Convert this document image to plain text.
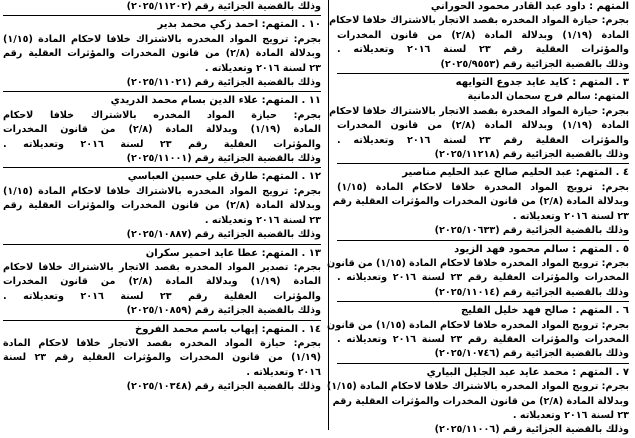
المتهم : داود عبد القادر محمود الحوراني
بجرم: حيازة المواد المخدره بقصد الاتجار بالاشتراك خلافا لاحكام
المادة (١/١٩) وبدلالة المادة (٢/٨) من قانون المخدرات
والمؤثرات العقلية رقم ٢٣ لسنة ٢٠١٦ وتعديلاته .
وذلك بالقضية الجزائية رقم (٢٠٢٥/٩٥٥٣)
٣ . المتهم : كايد عايد جدوع التوايهه
المتهم: سالم فرج سحمان الدمانية
بجرم: حيازة المواد المخدرة بقصد الاتجار بالاشتراك خلافا لاحكام
المادة (١/١٩) وبدلالة المادة (٢/٨) من قانون المخدرات
والمؤثرات العقلية رقم ٢٣ لسنة ٢٠١٦ وتعديلاته .
وذلك بالقضية الجزائية رقم (٢٠٢٥/١١٢١٨)
٤ . المتهم: عبد الحليم صالح عبد الحليم مناصير
بجرم: ترويج المواد المخدرة خلافا لاحكام المادة (١/١٥)
وبدلالة المادة (٢/٨) من قانون المخدرات والمؤثرات العقلية رقم
٢٣ لسنة ٢٠١٦ وتعديلاته .
وذلك بالقضية الجزائية رقم (٢٠٢٥/١٠٦٣٣)
٥ . المتهم : سالم محمود فهد الزيود
بجرم: ترويج المواد المخدره خلافا لاحكام المادة (١/١٥) من قانون
المخدرات والمؤثرات العقلية رقم ٢٣ لسنة ٢٠١٦ وتعديلاته .
وذلك بالقضية الجزائية رقم (٢٠٢٥/١١٠١٤)
٦ . المتهم : صالح فهد خليل الفليج
بجرم: ترويج المواد المخدره خلافا لاحكام المادة (١/١٥) من قانون
المخدرات والمؤثرات العقلية رقم ٢٣ لسنة ٢٠١٦ وتعديلاته .
وذلك بالقضية الجزائية رقم (٢٠٢٥/١٠٧٤٦)
٧ . المتهم : محمد عايد عبد الجليل البياري
بجرم: ترويج المواد المخدره بالاشتراك خلافا لاحكام المادة (١/١٥)
وبدلالة المادة (٢/٨) من قانون المخدرات والمؤثرات العقلية رقم
٢٣ لسنة ٢٠١٦ وتعديلاته .
وذلك بالقضية الجزائية رقم (٢٠٢٥/١١٠٠٦)
وذلك بالقضية الجزائية رقم (٢٠٢٥/١١٢٠٢)
١٠ . المتهم: احمد زكي محمد بدير
بجرم: ترويج المواد المخدره بالاشتراك خلافا لاحكام المادة (١/١٥)
وبدلالة المادة (٢/٨) من قانون المخدرات والمؤثرات العقلية رقم
٢٣ لسنة ٢٠١٦ وتعديلاته .
وذلك بالقضية الجزائية رقم (٢٠٢٥/١١٠٢١)
١١ . المتهم: علاء الدين بسام محمد الدريدي
بجرم: حيازة المواد المخدره بالاشتراك خلافا لاحكام
المادة (١/١٩) وبدلالة المادة (٢/٨) من قانون المخدرات
والمؤثرات العقلية رقم ٢٣ لسنة ٢٠١٦ وتعديلاته .
وذلك بالقضية الجزائية رقم (٢٠٢٥/١١٠٠١)
١٢ . المتهم: طارق علي حسين العباسي
بجرم: ترويج المواد المخدره بالاشتراك خلافا لاحكام المادة (١/١٥)
وبدلالة المادة (٢/٨) من قانون المخدرات والمؤثرات العقلية رقم
٢٣ لسنة ٢٠١٦ وتعديلاته .
وذلك بالقضية الجزائية رقم (٢٠٢٥/١٠٨٨٧)
١٣ . المتهم: عطا عايد احمير سكران
بجرم: تصدير المواد المخدره بقصد الاتجار بالاشتراك خلافا لاحكام
المادة (١/١٩) وبدلالة المادة (٢/٨) من قانون المخدرات
والمؤثرات العقلية رقم ٢٣ لسنة ٢٠١٦ وتعديلاته .
وذلك بالقضية الجزائية رقم (٢٠٢٥/١٠٨٥٩)
١٤ . المتهم: إيهاب باسم محمد الفروخ
بجرم: حيازة المواد المخدره بقصد الاتجار خلافا لاحكام المادة
(١/١٩) من قانون المخدرات والمؤثرات العقلية رقم ٢٣ لسنة
٢٠١٦ وتعديلاته .
وذلك بالقضية الجزائية رقم (٢٠٢٥/١٠٣٤٨)
